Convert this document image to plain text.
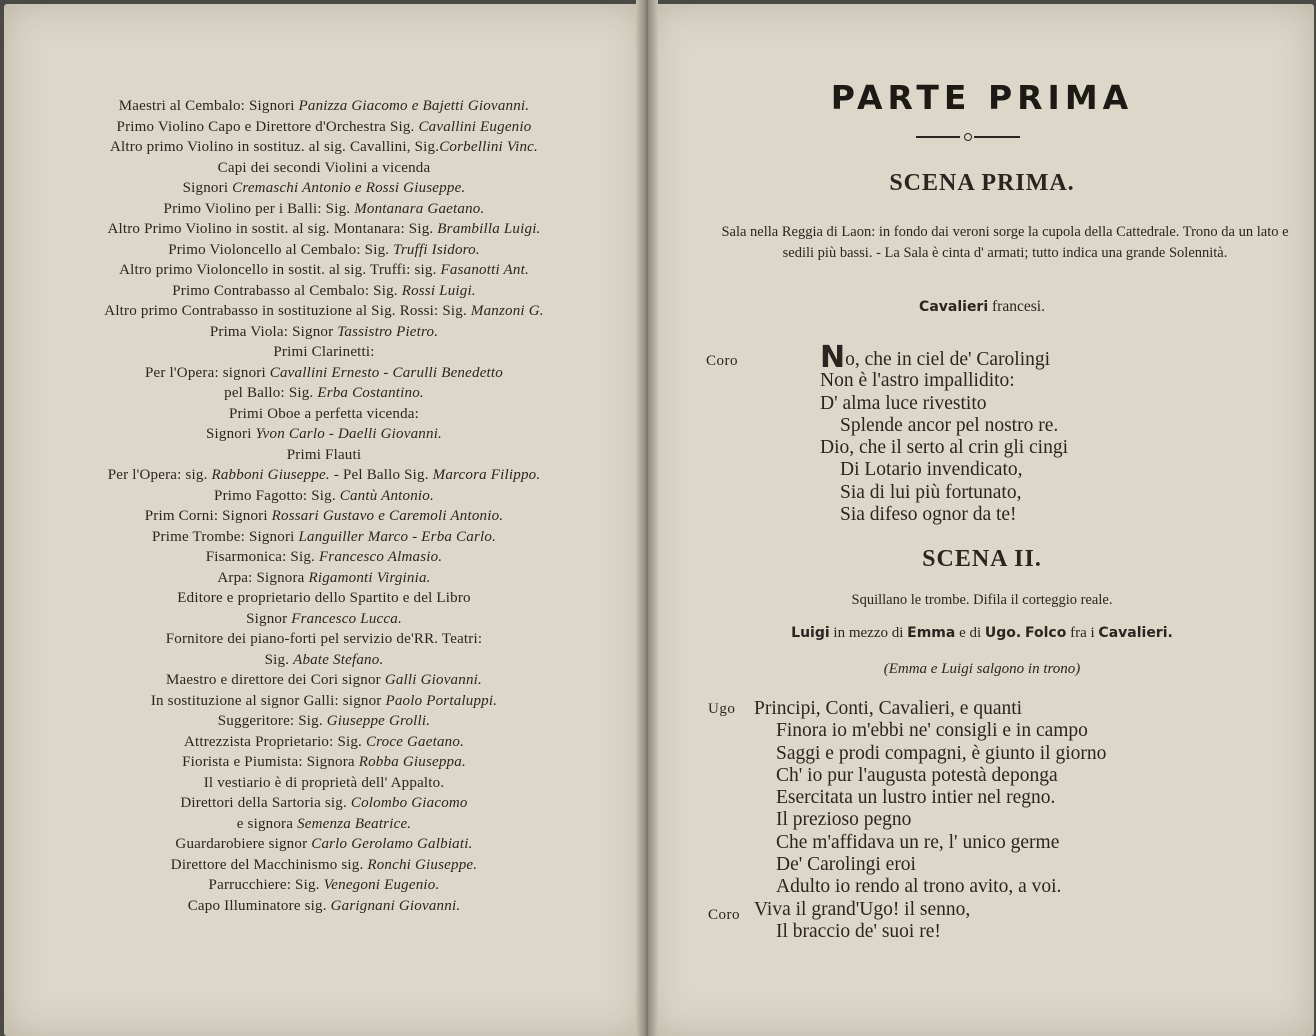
Maestri al Cembalo: Signori Panizza Giacomo e Bajetti Giovanni.
Primo Violino Capo e Direttore d'Orchestra Sig. Cavallini Eugenio
Altro primo Violino in sostituz. al sig. Cavallini, Sig.Corbellini Vinc.
Capi dei secondi Violini a vicenda
Signori Cremaschi Antonio e Rossi Giuseppe.
Primo Violino per i Balli: Sig. Montanara Gaetano.
Altro Primo Violino in sostit. al sig. Montanara: Sig. Brambilla Luigi.
Primo Violoncello al Cembalo: Sig. Truffi Isidoro.
Altro primo Violoncello in sostit. al sig. Truffi: sig. Fasanotti Ant.
Primo Contrabasso al Cembalo: Sig. Rossi Luigi.
Altro primo Contrabasso in sostituzione al Sig. Rossi: Sig. Manzoni G.
Prima Viola: Signor Tassistro Pietro.
Primi Clarinetti:
Per l'Opera: signori Cavallini Ernesto - Carulli Benedetto
pel Ballo: Sig. Erba Costantino.
Primi Oboe a perfetta vicenda:
Signori Yvon Carlo - Daelli Giovanni.
Primi Flauti
Per l'Opera: sig. Rabboni Giuseppe. - Pel Ballo Sig. Marcora Filippo.
Primo Fagotto: Sig. Cantù Antonio.
Prim Corni: Signori Rossari Gustavo e Caremoli Antonio.
Prime Trombe: Signori Languiller Marco - Erba Carlo.
Fisarmonica: Sig. Francesco Almasio.
Arpa: Signora Rigamonti Virginia.
Editore e proprietario dello Spartito e del Libro
Signor Francesco Lucca.
Fornitore dei piano-forti pel servizio de'RR. Teatri:
Sig. Abate Stefano.
Maestro e direttore dei Cori signor Galli Giovanni.
In sostituzione al signor Galli: signor Paolo Portaluppi.
Suggeritore: Sig. Giuseppe Grolli.
Attrezzista Proprietario: Sig. Croce Gaetano.
Fiorista e Piumista: Signora Robba Giuseppa.
Il vestiario è di proprietà dell' Appalto.
Direttori della Sartoria sig. Colombo Giacomo
e signora Semenza Beatrice.
Guardarobiere signor Carlo Gerolamo Galbiati.
Direttore del Macchinismo sig. Ronchi Giuseppe.
Parrucchiere: Sig. Venegoni Eugenio.
Capo Illuminatore sig. Garignani Giovanni.
PARTE PRIMA
SCENA PRIMA.
Sala nella Reggia di Laon: in fondo dai veroni sorge la cupola della Cattedrale. Trono da un lato e sedili più bassi. - La Sala è cinta d' armati; tutto indica una grande Solennità.
Cavalieri francesi.
Coro	No, che in ciel de' Carolingi
Non è l'astro impallidito:
D' alma luce rivestito
Splende ancor pel nostro re.
Dio, che il serto al crin gli cingi
Di Lotario invendicato,
Sia di lui più fortunato,
Sia difeso ognor da te!
SCENA II.
Squillano le trombe. Difila il corteggio reale.
Luigi in mezzo di Emma e di Ugo. Folco fra i Cavalieri.
(Emma e Luigi salgono in trono)
Ugo Principi, Conti, Cavalieri, e quanti
Finora io m'ebbi ne' consigli e in campo
Saggi e prodi compagni, è giunto il giorno
Ch' io pur l'augusta potestà deponga
Esercitata un lustro intier nel regno.
Il prezioso pegno
Che m'affidava un re, l' unico germe
De' Carolingi eroi
Adulto io rendo al trono avito, a voi.
Coro Viva il grand'Ugo! il senno,
Il braccio de' suoi re!
